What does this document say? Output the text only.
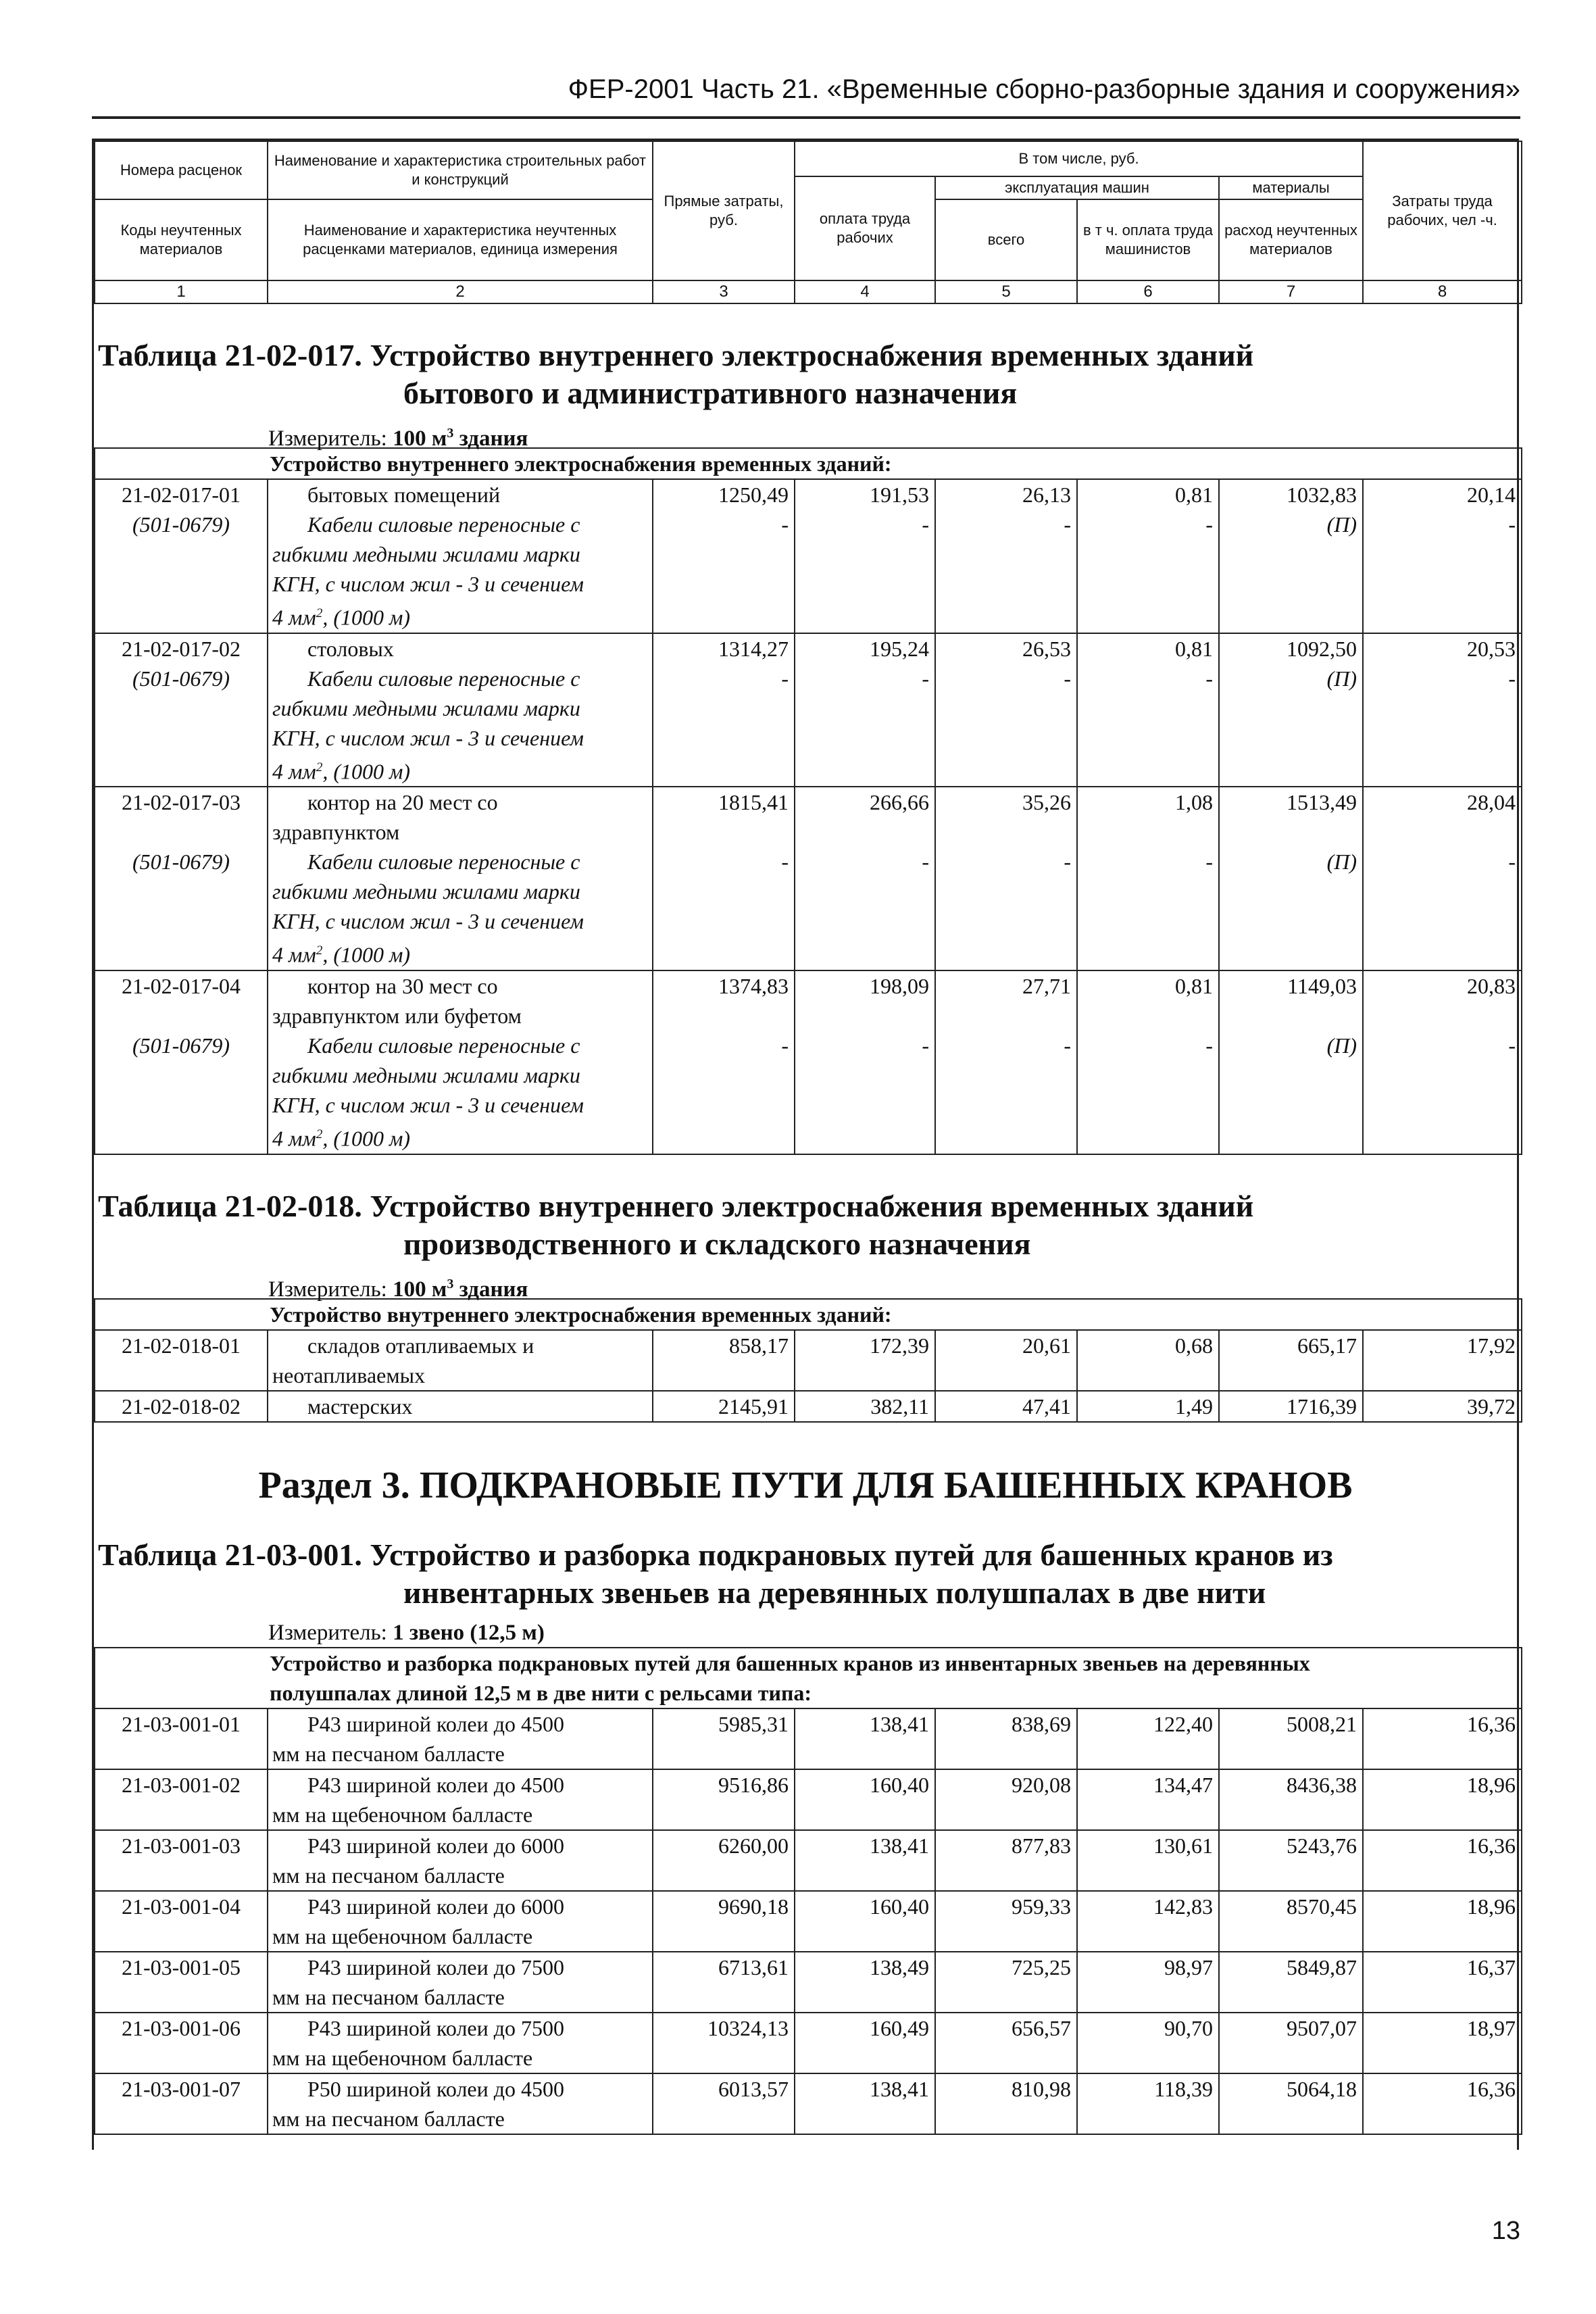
ФЕР-2001 Часть 21. «Временные сборно-разборные здания и сооружения»
Номера расценок	Наименование и характеристика строительных работ и конструкций	Прямые затраты, руб.	В том числе, руб.				Затраты труда рабочих, чел -ч.
			оплата труда рабочих	эксплуатация машин		материалы	
Коды неучтенных материалов	Наименование и характеристика неучтенных расценками материалов, единица измерения			всего	в т ч. оплата труда машинистов	расход неучтенных материалов	

1	2	3	4	5	6	7	8
Таблица 21-02-017. Устройство внутреннего электроснабжения временных зданий
бытового и административного назначения
Измеритель: 100 $м^3$ здания
Устройство внутреннего электроснабжения временных зданий:							
21-02-017-01	бытовых помещений	1250,49	191,53	26,13	0,81	1032,83	20,14
(501-0679)	Кабели силовые переносные с
гибкими медными жилами марки
КГН, с числом жил - 3 и сечением
4 $мм^2$, (1000 м)	-	-	-	-	(П)	-
21-02-017-02	столовых	1314,27	195,24	26,53	0,81	1092,50	20,53
(501-0679)	Кабели силовые переносные с
гибкими медными жилами марки
КГН, с числом жил - 3 и сечением
4 $мм^2$, (1000 м)	-	-	-	-	(П)	-
21-02-017-03	контор на 20 мест со
здравпунктом	1815,41	266,66	35,26	1,08	1513,49	28,04
(501-0679)	Кабели силовые переносные с
гибкими медными жилами марки
КГН, с числом жил - 3 и сечением
4 $мм^2$, (1000 м)	-	-	-	-	(П)	-
21-02-017-04	контор на 30 мест со
здравпунктом или буфетом	1374,83	198,09	27,71	0,81	1149,03	20,83
(501-0679)	Кабели силовые переносные с
гибкими медными жилами марки
КГН, с числом жил - 3 и сечением
4 $мм^2$, (1000 м)	-	-	-	-	(П)	-
Таблица 21-02-018. Устройство внутреннего электроснабжения временных зданий
производственного и складского назначения
Измеритель: 100 $м^3$ здания
Устройство внутреннего электроснабжения временных зданий:							
21-02-018-01	складов отапливаемых и
неотапливаемых	858,17	172,39	20,61	0,68	665,17	17,92
21-02-018-02	мастерских	2145,91	382,11	47,41	1,49	1716,39	39,72
Раздел 3. ПОДКРАНОВЫЕ ПУТИ ДЛЯ БАШЕННЫХ КРАНОВ
Таблица 21-03-001. Устройство и разборка подкрановых путей для башенных кранов из
инвентарных звеньев на деревянных полушпалах в две нити
Измеритель: 1 звено (12,5 м)
Устройство и разборка подкрановых путей для башенных кранов из инвентарных звеньев на деревянных
полушпалах длиной 12,5 м в две нити с рельсами типа:							
21-03-001-01	Р43 шириной колеи до 4500
мм на песчаном балласте	5985,31	138,41	838,69	122,40	5008,21	16,36
21-03-001-02	Р43 шириной колеи до 4500
мм на щебеночном балласте	9516,86	160,40	920,08	134,47	8436,38	18,96
21-03-001-03	Р43 шириной колеи до 6000
мм на песчаном балласте	6260,00	138,41	877,83	130,61	5243,76	16,36
21-03-001-04	Р43 шириной колеи до 6000
мм на щебеночном балласте	9690,18	160,40	959,33	142,83	8570,45	18,96
21-03-001-05	Р43 шириной колеи до 7500
мм на песчаном балласте	6713,61	138,49	725,25	98,97	5849,87	16,37
21-03-001-06	Р43 шириной колеи до 7500
мм на щебеночном балласте	10324,13	160,49	656,57	90,70	9507,07	18,97
21-03-001-07	Р50 шириной колеи до 4500
мм на песчаном балласте	6013,57	138,41	810,98	118,39	5064,18	16,36
13
